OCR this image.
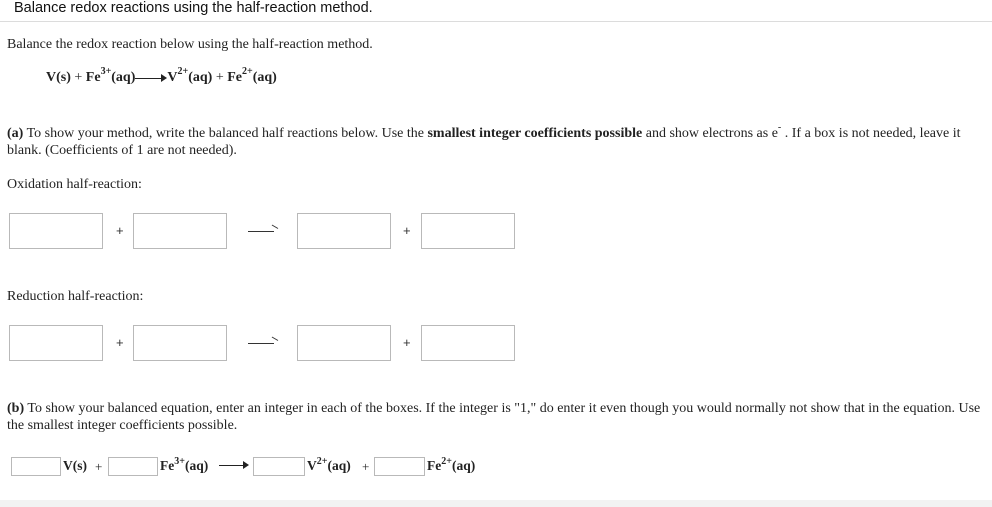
Balance redox reactions using the half-reaction method.
Balance the redox reaction below using the half-reaction method.
$V(s) + Fe^{3+}(aq) V^{2+}(aq) + Fe^{2+}(aq)$
(a) To show your method, write the balanced half reactions below. Use the smallest integer coefficients possible and show electrons as e- . If a box is not needed, leave it blank. (Coefficients of 1 are not needed).
Oxidation half-reaction:
+	+
Reduction half-reaction:
+	+
(b) To show your balanced equation, enter an integer in each of the boxes. If the integer is "1," do enter it even though you would normally not show that in the equation. Use the smallest integer coefficients possible.
V(s) +	$Fe^{3+}(aq)$	$V^{2+}(aq)$ +	$Fe^{2+}(aq)$
